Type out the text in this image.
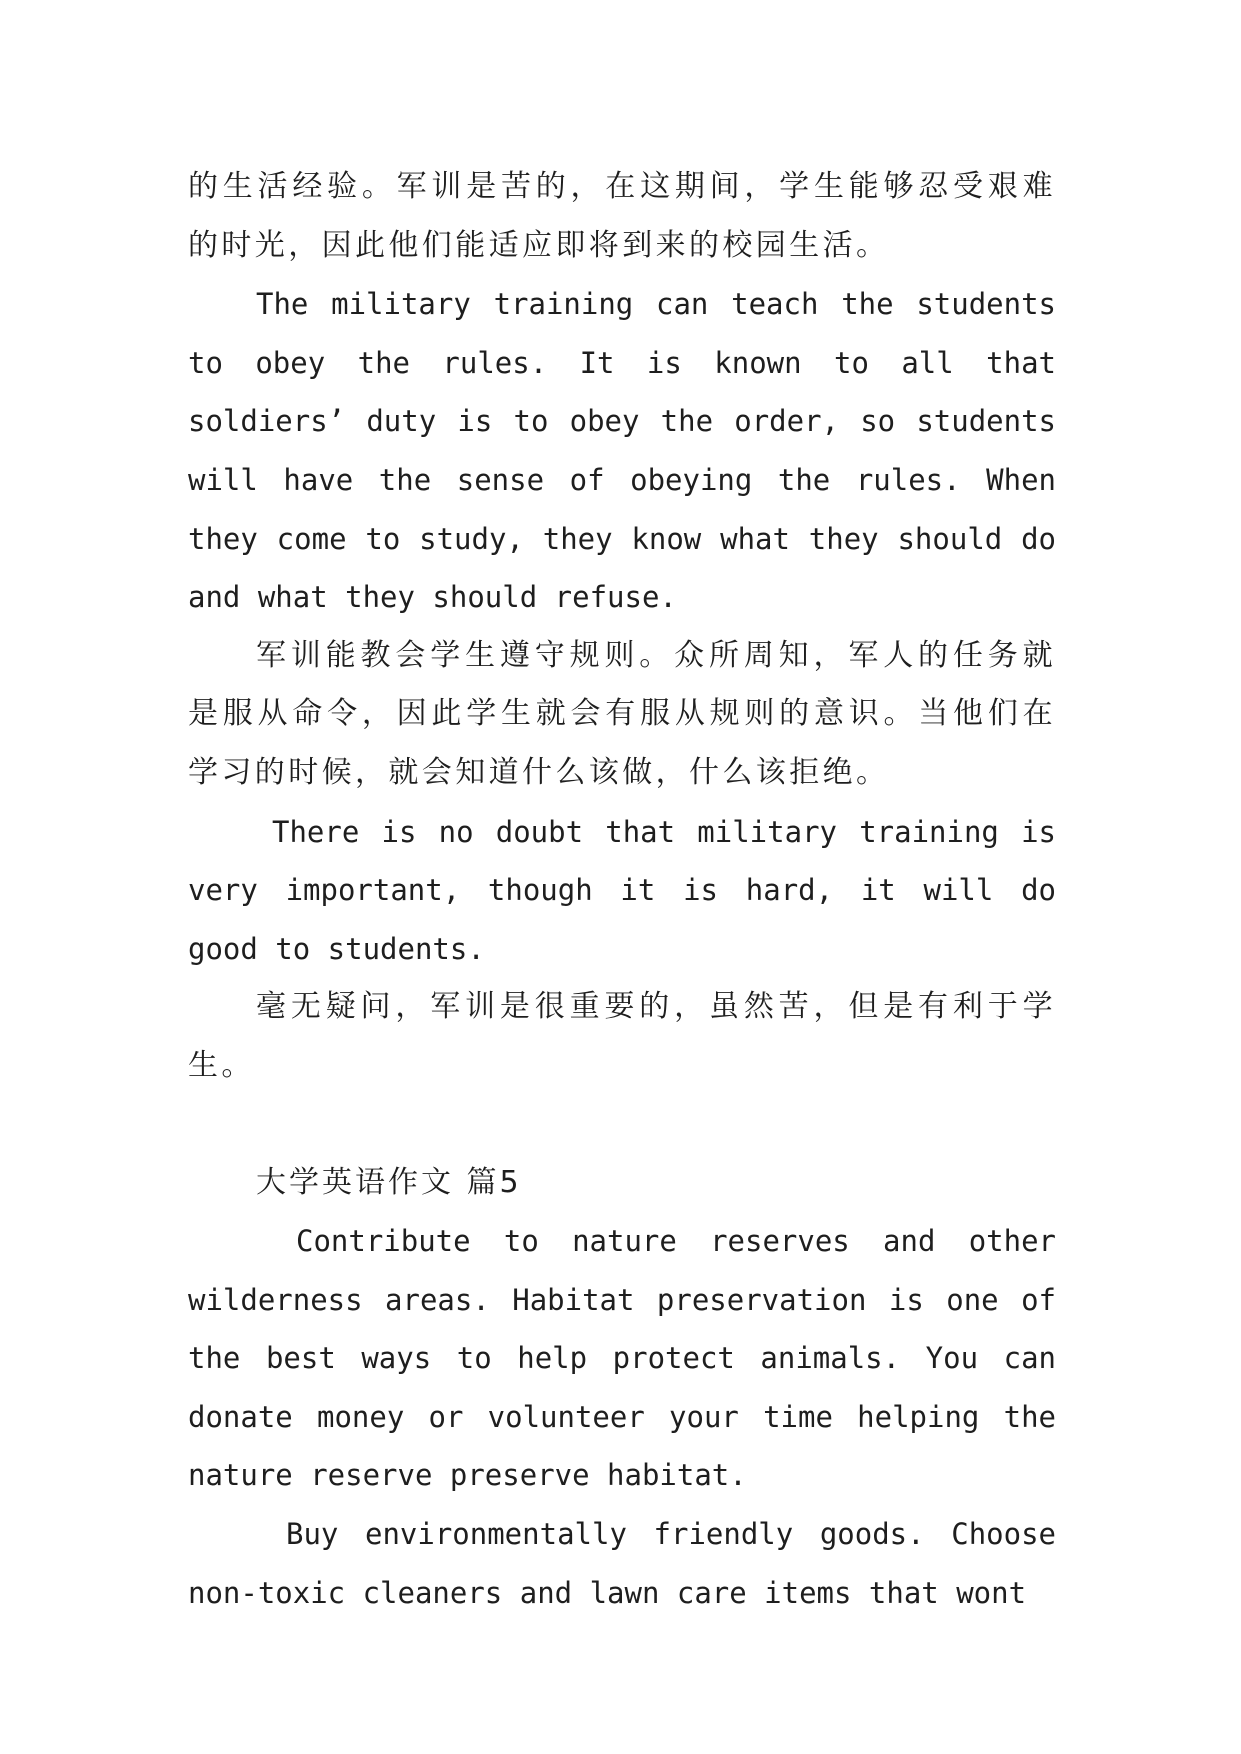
的生活经验。军训是苦的，在这期间，学生能够忍受艰难的时光，因此他们能适应即将到来的校园生活。

The military training can teach the students to obey the rules. It is known to all that soldiers’ duty is to obey the order, so students will have the sense of obeying the rules. When they come to study, they know what they should do and what they should refuse.

军训能教会学生遵守规则。众所周知，军人的任务就是服从命令，因此学生就会有服从规则的意识。当他们在学习的时候，就会知道什么该做，什么该拒绝。

There is no doubt that military training is very important, though it is hard, it will do good to students.

毫无疑问，军训是很重要的，虽然苦，但是有利于学生。

大学英语作文 篇5

Contribute to nature reserves and other wilderness areas. Habitat preservation is one of the best ways to help protect animals. You can donate money or volunteer your time helping the nature reserve preserve habitat.

Buy environmentally friendly goods. Choose non-toxic cleaners and lawn care items that wont
